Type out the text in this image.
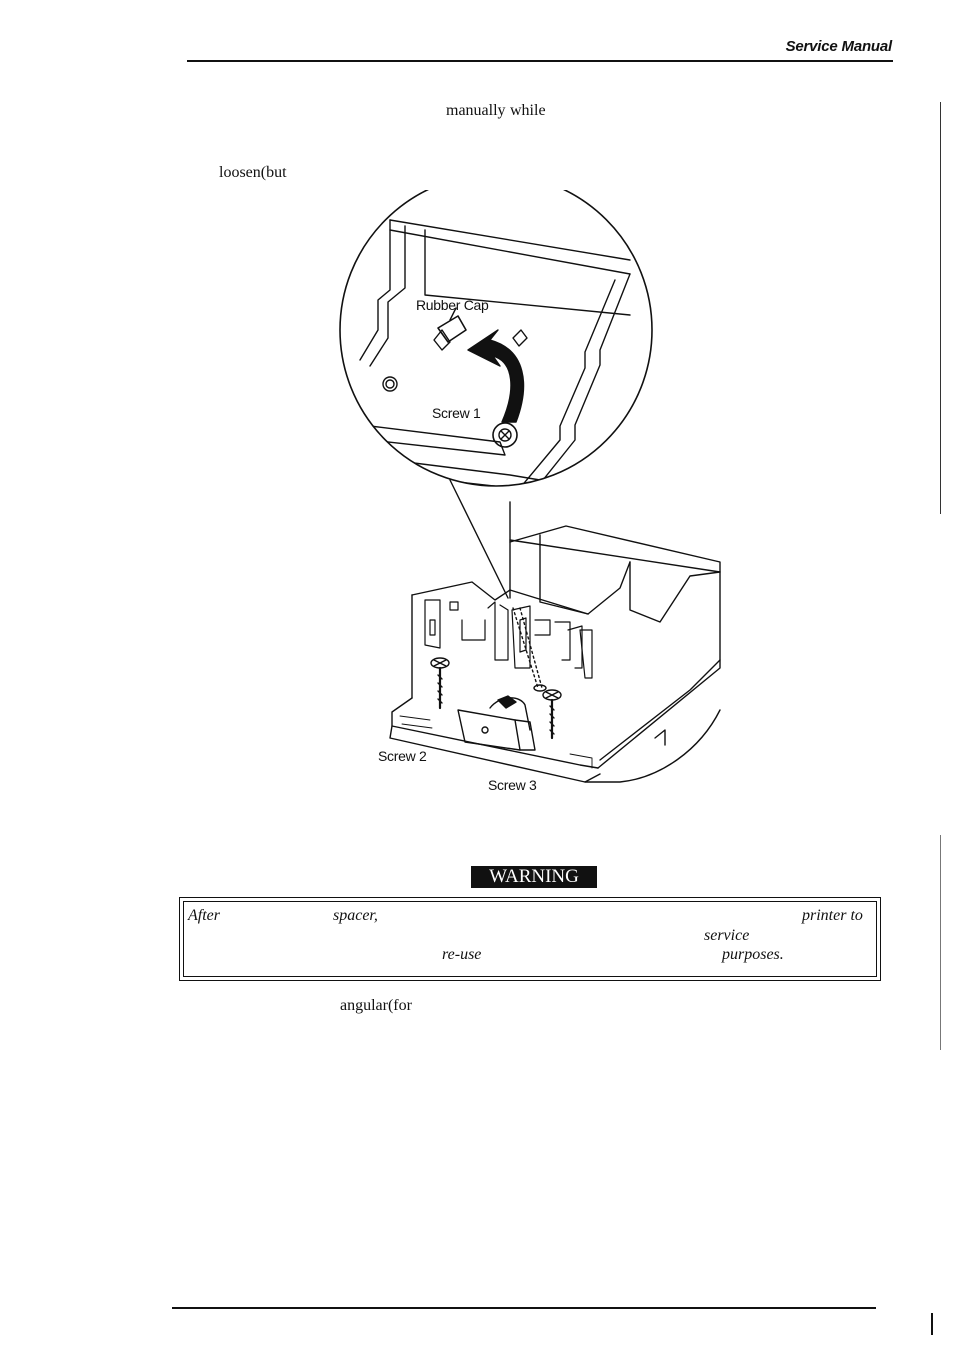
Service Manual
manually while
loosen(but
Rubber Cap
Screw 1
Screw 2
Screw 3
WARNING
After	spacer,	printer to
service
re-use	purposes.
angular(for
